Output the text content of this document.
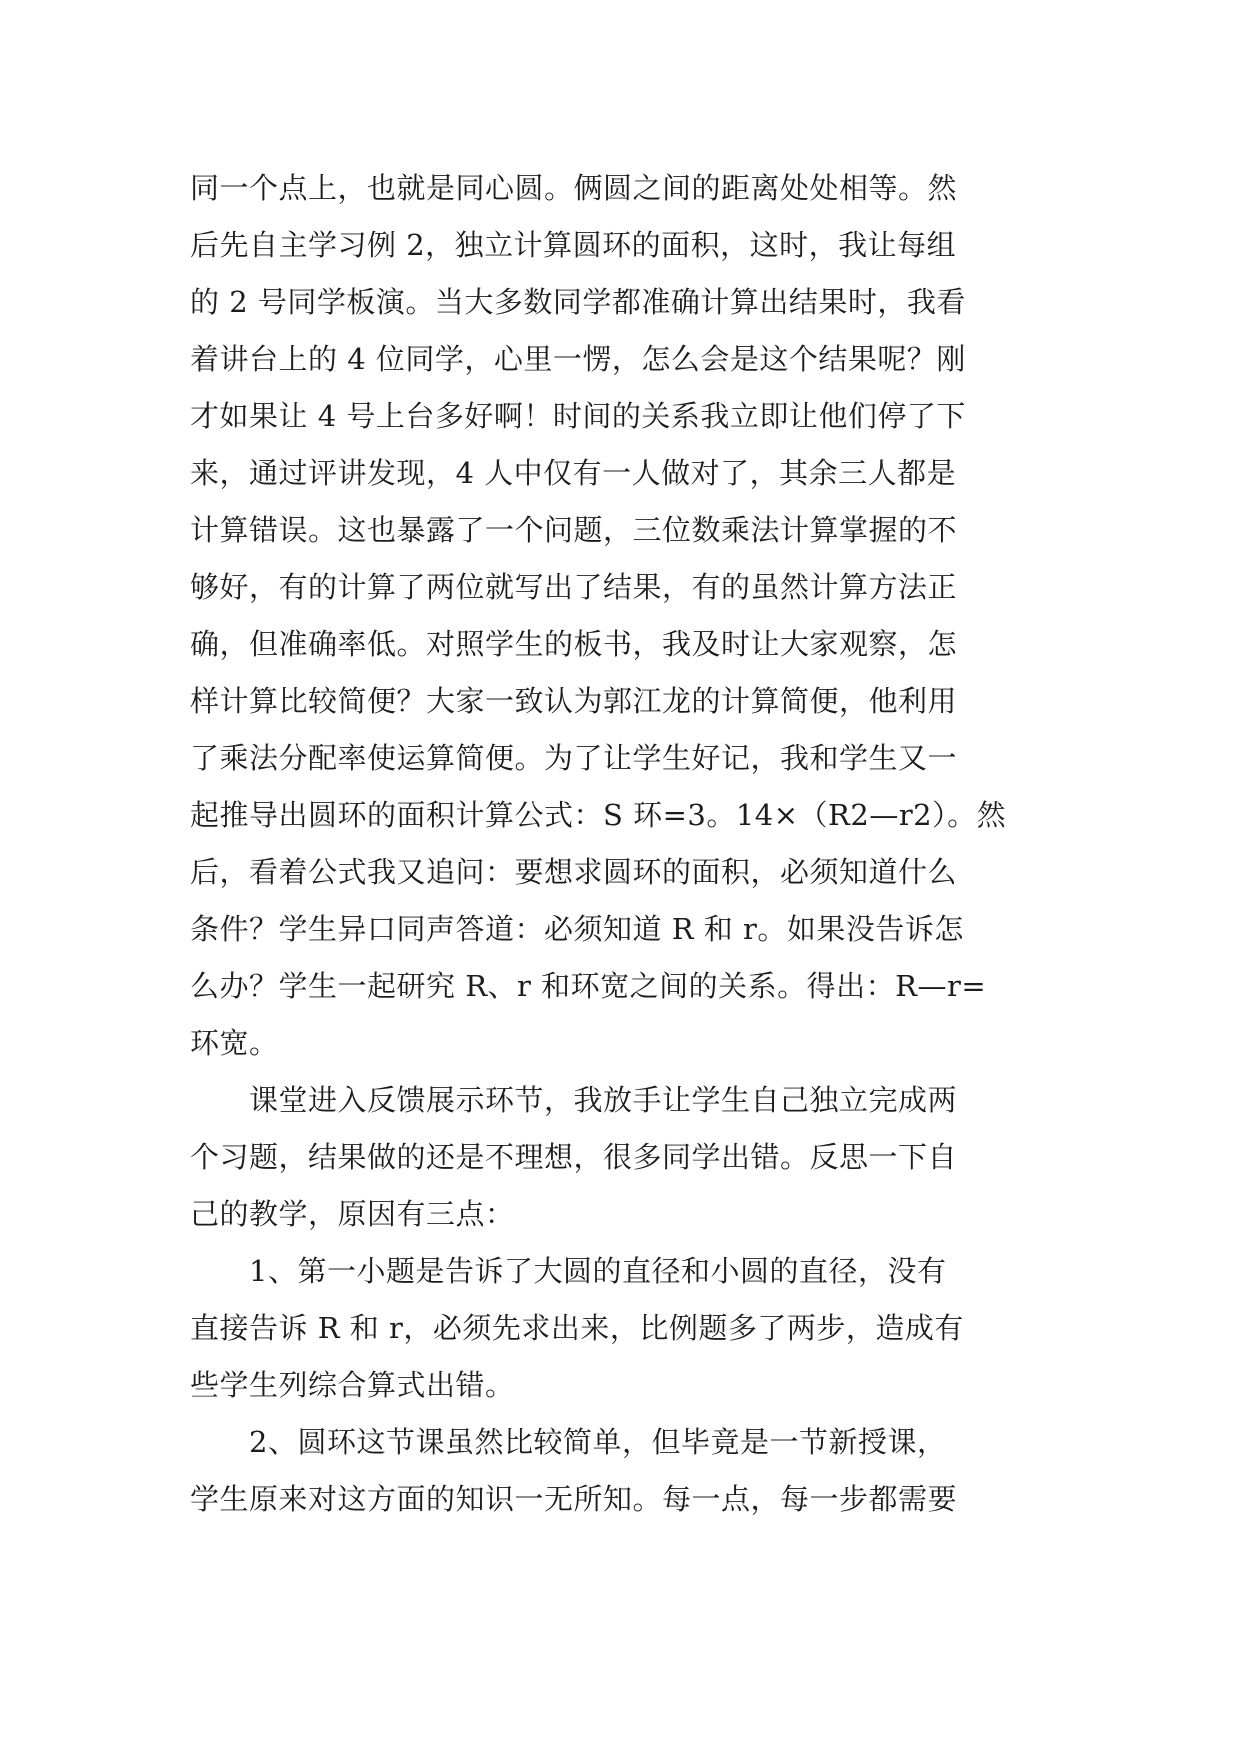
同一个点上，也就是同心圆。俩圆之间的距离处处相等。然
后先自主学习例 2，独立计算圆环的面积，这时，我让每组
的 2 号同学板演。当大多数同学都准确计算出结果时，我看
着讲台上的 4 位同学，心里一愣，怎么会是这个结果呢？刚
才如果让 4 号上台多好啊！时间的关系我立即让他们停了下
来，通过评讲发现，4 人中仅有一人做对了，其余三人都是
计算错误。这也暴露了一个问题，三位数乘法计算掌握的不
够好，有的计算了两位就写出了结果，有的虽然计算方法正
确，但准确率低。对照学生的板书，我及时让大家观察，怎
样计算比较简便？大家一致认为郭江龙的计算简便，他利用
了乘法分配率使运算简便。为了让学生好记，我和学生又一
起推导出圆环的面积计算公式：S 环=3。14×（R2—r2）。然
后，看着公式我又追问：要想求圆环的面积，必须知道什么
条件？学生异口同声答道：必须知道 R 和 r。如果没告诉怎
么办？学生一起研究 R、r 和环宽之间的关系。得出：R—r=
环宽。
　　课堂进入反馈展示环节，我放手让学生自己独立完成两
个习题，结果做的还是不理想，很多同学出错。反思一下自
己的教学，原因有三点：
　　1、第一小题是告诉了大圆的直径和小圆的直径，没有
直接告诉 R 和 r，必须先求出来，比例题多了两步，造成有
些学生列综合算式出错。
　　2、圆环这节课虽然比较简单，但毕竟是一节新授课，
学生原来对这方面的知识一无所知。每一点，每一步都需要
